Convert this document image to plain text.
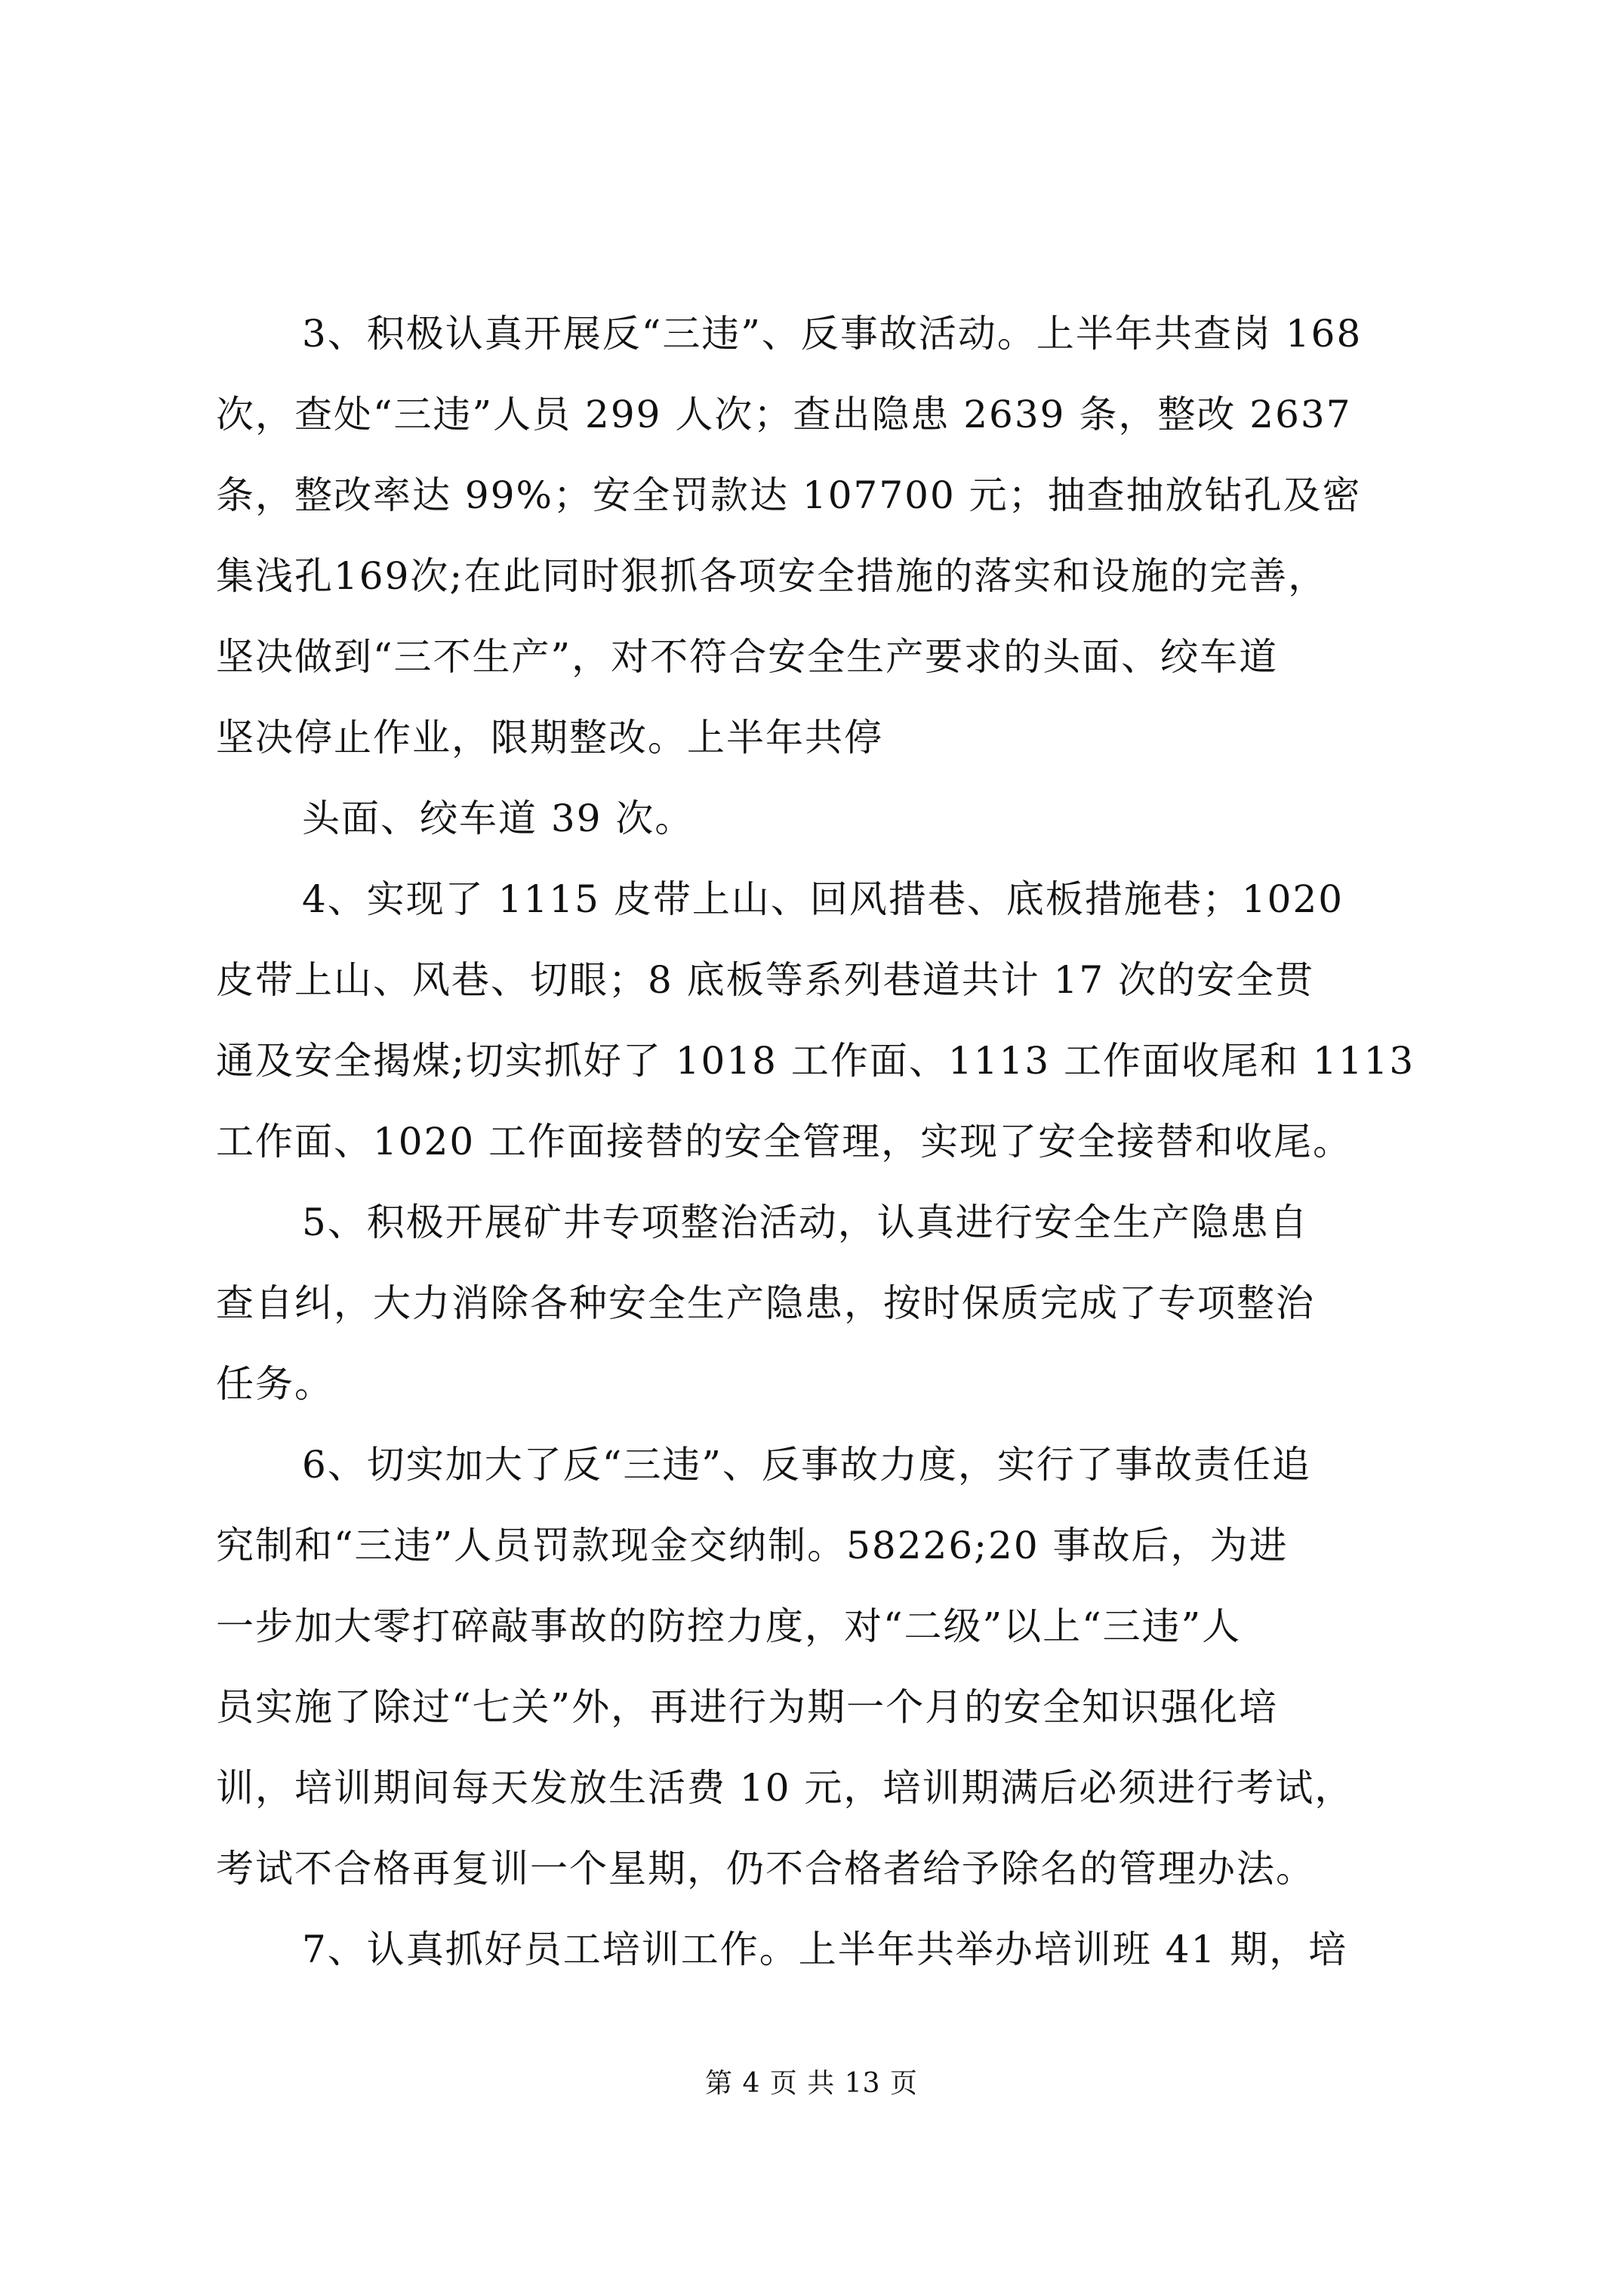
3、积极认真开展反“三违”、反事故活动。上半年共查岗 168
次，查处“三违”人员 299 人次；查出隐患 2639 条，整改 2637
条，整改率达 99%；安全罚款达 107700 元；抽查抽放钻孔及密
集浅孔169次;在此同时狠抓各项安全措施的落实和设施的完善，
坚决做到“三不生产”，对不符合安全生产要求的头面、绞车道
坚决停止作业，限期整改。上半年共停
头面、绞车道 39 次。
4、实现了 1115 皮带上山、回风措巷、底板措施巷；1020
皮带上山、风巷、切眼；8 底板等系列巷道共计 17 次的安全贯
通及安全揭煤;切实抓好了 1018 工作面、1113 工作面收尾和 1113
工作面、1020 工作面接替的安全管理，实现了安全接替和收尾。
5、积极开展矿井专项整治活动，认真进行安全生产隐患自
查自纠，大力消除各种安全生产隐患，按时保质完成了专项整治
任务。
6、切实加大了反“三违”、反事故力度，实行了事故责任追
究制和“三违”人员罚款现金交纳制。58226;20 事故后，为进
一步加大零打碎敲事故的防控力度，对“二级”以上“三违”人
员实施了除过“七关”外，再进行为期一个月的安全知识强化培
训，培训期间每天发放生活费 10 元，培训期满后必须进行考试，
考试不合格再复训一个星期，仍不合格者给予除名的管理办法。
7、认真抓好员工培训工作。上半年共举办培训班 41 期，培
第 4 页 共 13 页
